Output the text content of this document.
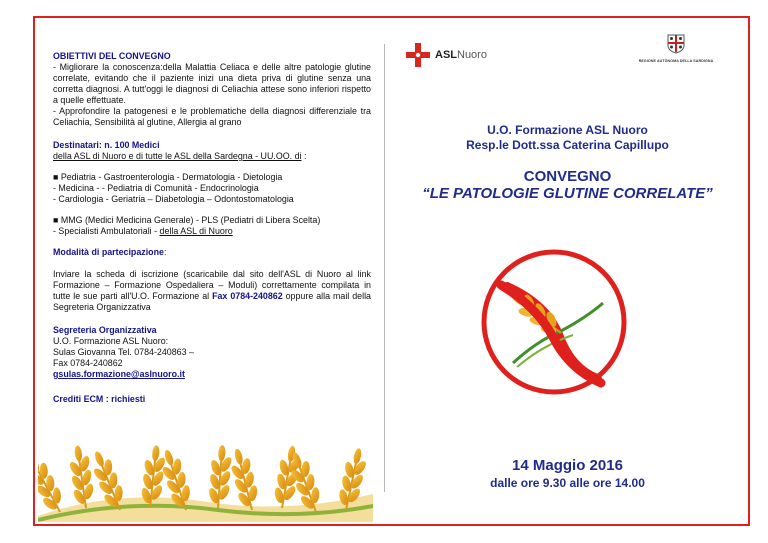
OBIETTIVI DEL CONVEGNO

- Migliorare la conoscenza:della Malattia Celiaca e delle altre patologie glutine correlate, evitando che il paziente inizi una dieta priva di glutine senza una corretta diagnosi. A tutt'oggi le diagnosi di Celiachia attese sono inferiori rispetto a quelle effettuate.

- Approfondire la patogenesi e le problematiche della diagnosi differenziale tra Celiachia, Sensibilità al glutine, Allergia al grano

Destinatari: n. 100 Medici

della ASL di Nuoro e di tutte le ASL della Sardegna - UU.OO. di :

■ Pediatria - Gastroenterologia - Dermatologia - Dietologia

- Medicina - - Pediatria di Comunità - Endocrinologia

- Cardiologia - Geriatria – Diabetologia – Odontostomatologia

■ MMG (Medici Medicina Generale) - PLS (Pediatri di Libera Scelta)

- Specialisti Ambulatoriali - della ASL di Nuoro

Modalità di partecipazione:

Inviare la scheda di iscrizione (scaricabile dal sito dell'ASL di Nuoro al link Formazione – Formazione Ospedaliera – Moduli) correttamente compilata in tutte le sue parti all'U.O. Formazione al Fax 0784-240862 oppure alla mail della Segreteria Organizzativa

Segreteria Organizzativa

U.O. Formazione ASL Nuoro:

Sulas Giovanna Tel. 0784-240863 –

Fax 0784-240862

gsulas.formazione@aslnuoro.it

Crediti ECM : richiesti

ASLNuoro	REGIONE AUTÒNOMA DELLA SARDIGNA
U.O. Formazione ASL Nuoro
Resp.le Dott.ssa Caterina Capillupo
CONVEGNO
“LE PATOLOGIE GLUTINE CORRELATE”
14 Maggio 2016
dalle ore 9.30 alle ore 14.00
